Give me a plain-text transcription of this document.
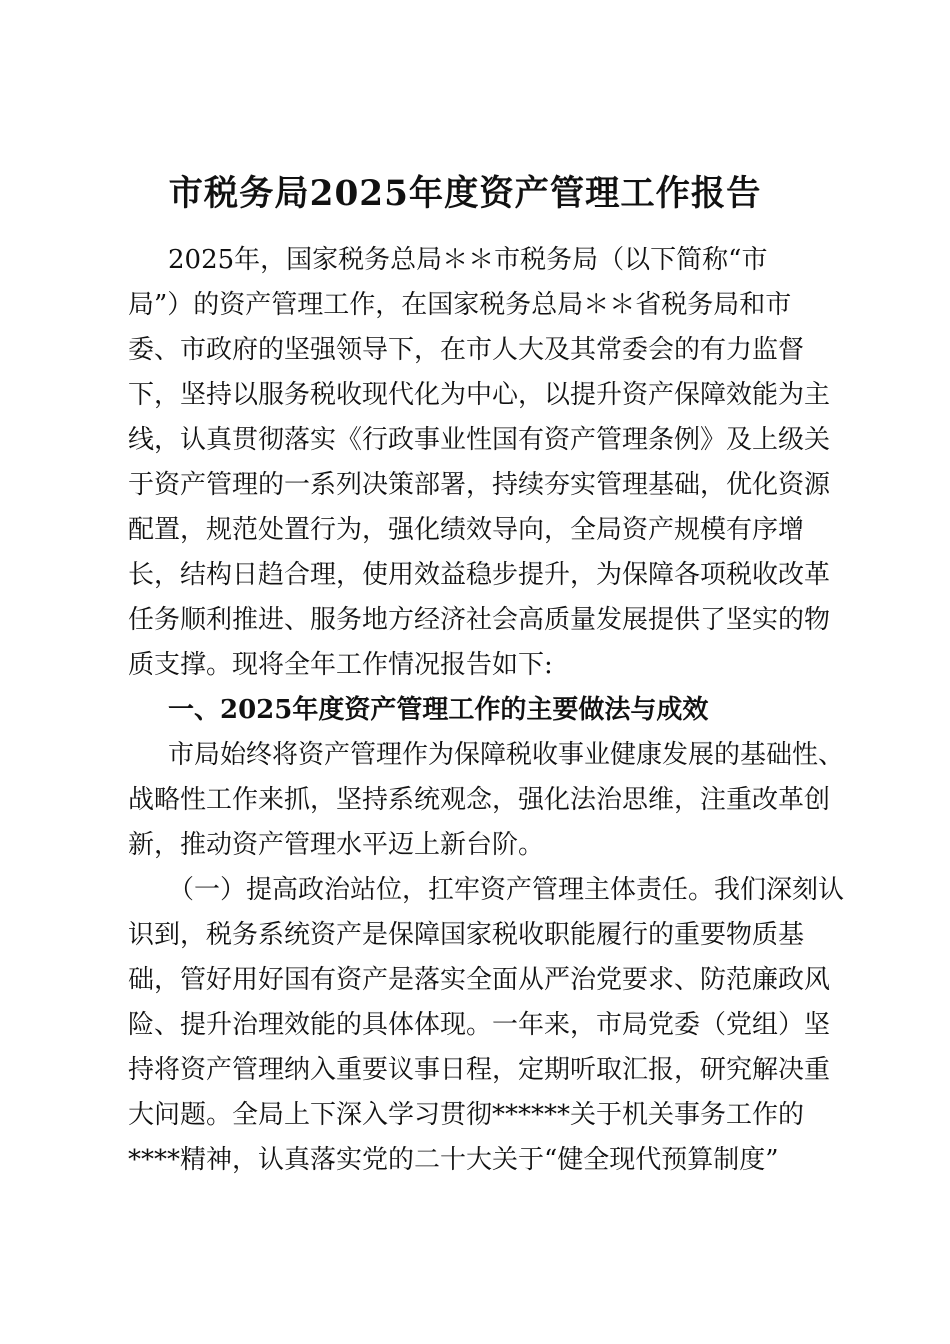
市税务局2025年度资产管理工作报告
2025年，国家税务总局＊＊市税务局（以下简称“市
局”）的资产管理工作，在国家税务总局＊＊省税务局和市
委、市政府的坚强领导下，在市人大及其常委会的有力监督
下，坚持以服务税收现代化为中心，以提升资产保障效能为主
线，认真贯彻落实《行政事业性国有资产管理条例》及上级关
于资产管理的一系列决策部署，持续夯实管理基础，优化资源
配置，规范处置行为，强化绩效导向，全局资产规模有序增
长，结构日趋合理，使用效益稳步提升，为保障各项税收改革
任务顺利推进、服务地方经济社会高质量发展提供了坚实的物
质支撑。现将全年工作情况报告如下:
一、2025年度资产管理工作的主要做法与成效
市局始终将资产管理作为保障税收事业健康发展的基础性、
战略性工作来抓，坚持系统观念，强化法治思维，注重改革创
新，推动资产管理水平迈上新台阶。
（一）提高政治站位，扛牢资产管理主体责任。我们深刻认
识到，税务系统资产是保障国家税收职能履行的重要物质基
础，管好用好国有资产是落实全面从严治党要求、防范廉政风
险、提升治理效能的具体体现。一年来，市局党委（党组）坚
持将资产管理纳入重要议事日程，定期听取汇报，研究解决重
大问题。全局上下深入学习贯彻******关于机关事务工作的
****精神，认真落实党的二十大关于“健全现代预算制度”
